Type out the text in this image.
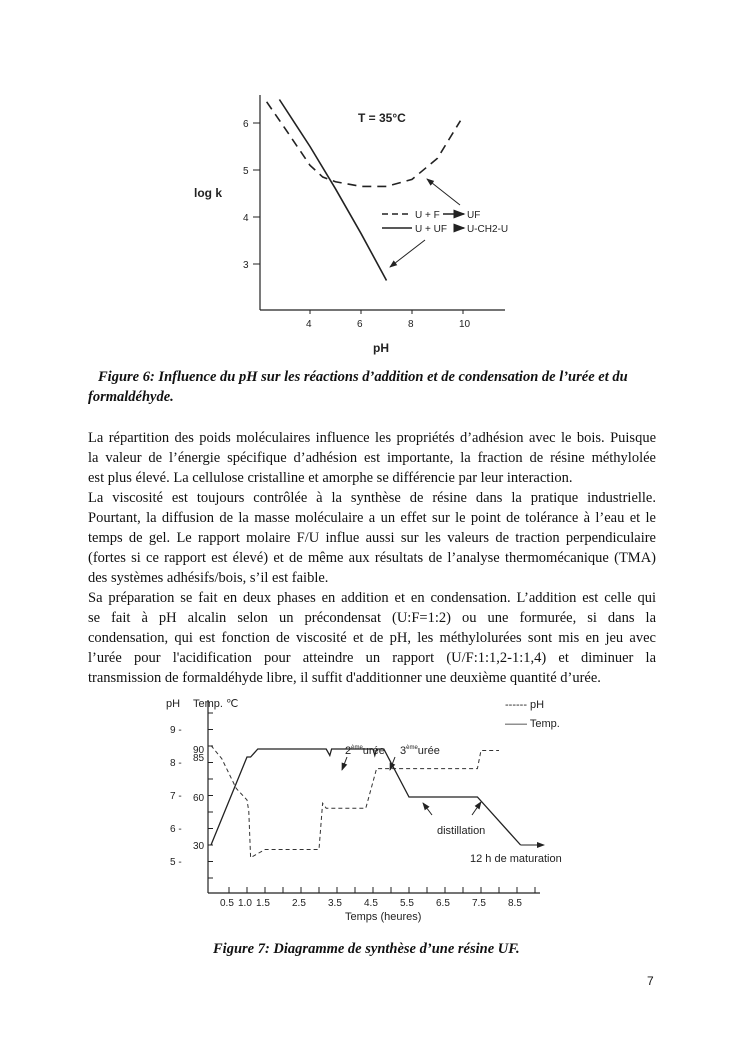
4	6	8	10
3
4
5
6	T = 35°C
log k
pH
U + F	UF
U + UF U-CH2-U
pH Temp. ℃
Temps (heures)
0.5 1.0 1.5 2.5 3.5 4.5 5.5 6.5 7.5 8.5
9 -
8 -
7 -
6 -
5 -
90
85
60
30
------ pH
—— Temp.
2èmeurée 3èmeurée
distillation
12 h de maturation
Figure 6: Influence du pH sur les réactions d’addition et de condensation de l’urée et du
formaldéhyde.
La répartition des poids moléculaires influence les propriétés d’adhésion avec le bois. Puisque
la valeur de l’énergie spécifique d’adhésion est importante, la fraction de résine méthylolée
est plus élevé. La cellulose cristalline et amorphe se différencie par leur interaction.
La viscosité est toujours contrôlée à la synthèse de résine dans la pratique industrielle.
Pourtant, la diffusion de la masse moléculaire a un effet sur le point de tolérance à l’eau et le
temps de gel. Le rapport molaire F/U influe aussi sur les valeurs de traction perpendiculaire
(fortes si ce rapport est élevé) et de même aux résultats de l’analyse thermomécanique (TMA)
des systèmes adhésifs/bois, s’il est faible.
Sa préparation se fait en deux phases en addition et en condensation. L’addition est celle qui
se fait à pH alcalin selon un précondensat (U:F=1:2) ou une formurée, si dans la
condensation, qui est fonction de viscosité et de pH, les méthylolurées sont mis en jeu avec
l’urée pour l'acidification pour atteindre un rapport (U/F:1:1,2-1:1,4) et diminuer la
transmission de formaldéhyde libre, il suffit d'additionner une deuxième quantité d’urée.
Figure 7: Diagramme de synthèse d’une résine UF.
7
